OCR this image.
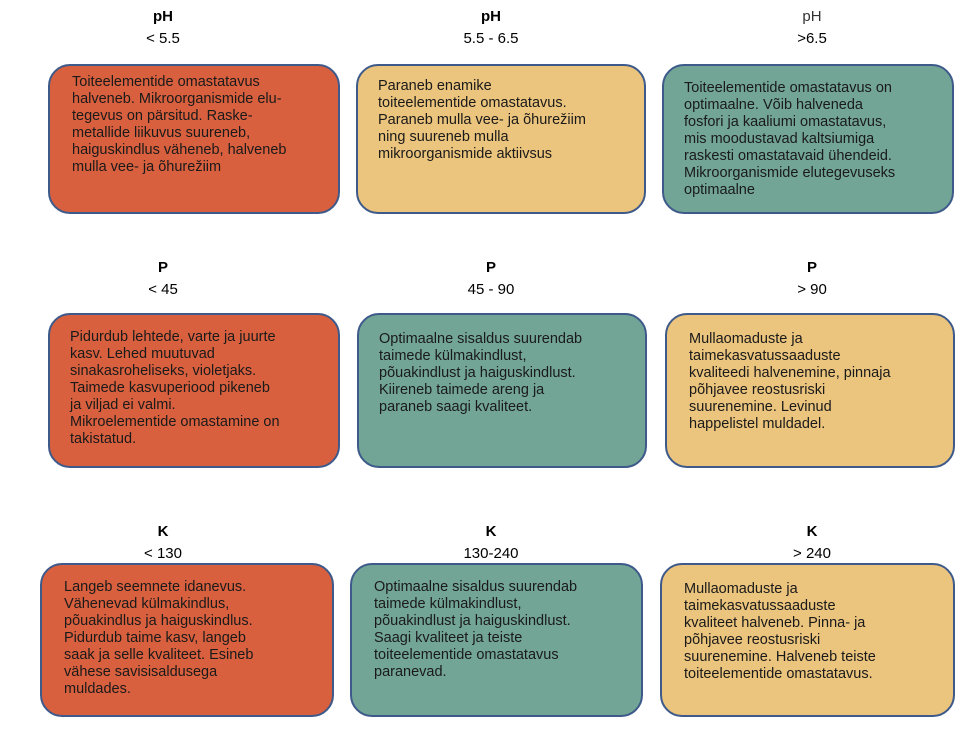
pH
< 5.5
Toiteelementide omastatavus
halveneb. Mikroorganismide elu-
tegevus on pärsitud. Raske-
metallide liikuvus suureneb,
haiguskindlus väheneb, halveneb
mulla vee- ja õhurežiim
pH
5.5 - 6.5
Paraneb enamike
toiteelementide omastatavus.
Paraneb mulla vee- ja õhurežiim
ning suureneb mulla
mikroorganismide aktiivsus
pH
>6.5
Toiteelementide omastatavus on
optimaalne. Võib halveneda
fosfori ja kaaliumi omastatavus,
mis moodustavad kaltsiumiga
raskesti omastatavaid ühendeid.
Mikroorganismide elutegevuseks
optimaalne
P
< 45
Pidurdub lehtede, varte ja juurte
kasv. Lehed muutuvad
sinakasroheliseks, violetjaks.
Taimede kasvuperiood pikeneb
ja viljad ei valmi.
Mikroelementide omastamine on
takistatud.
P
45 - 90
Optimaalne sisaldus suurendab
taimede külmakindlust,
põuakindlust ja haiguskindlust.
Kiireneb taimede areng ja
paraneb saagi kvaliteet.
P
> 90
Mullaomaduste ja
taimekasvatussaaduste
kvaliteedi halvenemine, pinnaja
põhjavee reostusriski
suurenemine. Levinud
happelistel muldadel.
K
< 130
Langeb seemnete idanevus.
Vähenevad külmakindlus,
põuakindlus ja haiguskindlus.
Pidurdub taime kasv, langeb
saak ja selle kvaliteet. Esineb
vähese savisisaldusega
muldades.
K
130-240
Optimaalne sisaldus suurendab
taimede külmakindlust,
põuakindlust ja haiguskindlust.
Saagi kvaliteet ja teiste
toiteelementide omastatavus
paranevad.
K
> 240
Mullaomaduste ja
taimekasvatussaaduste
kvaliteet halveneb. Pinna- ja
põhjavee reostusriski
suurenemine. Halveneb teiste
toiteelementide omastatavus.
